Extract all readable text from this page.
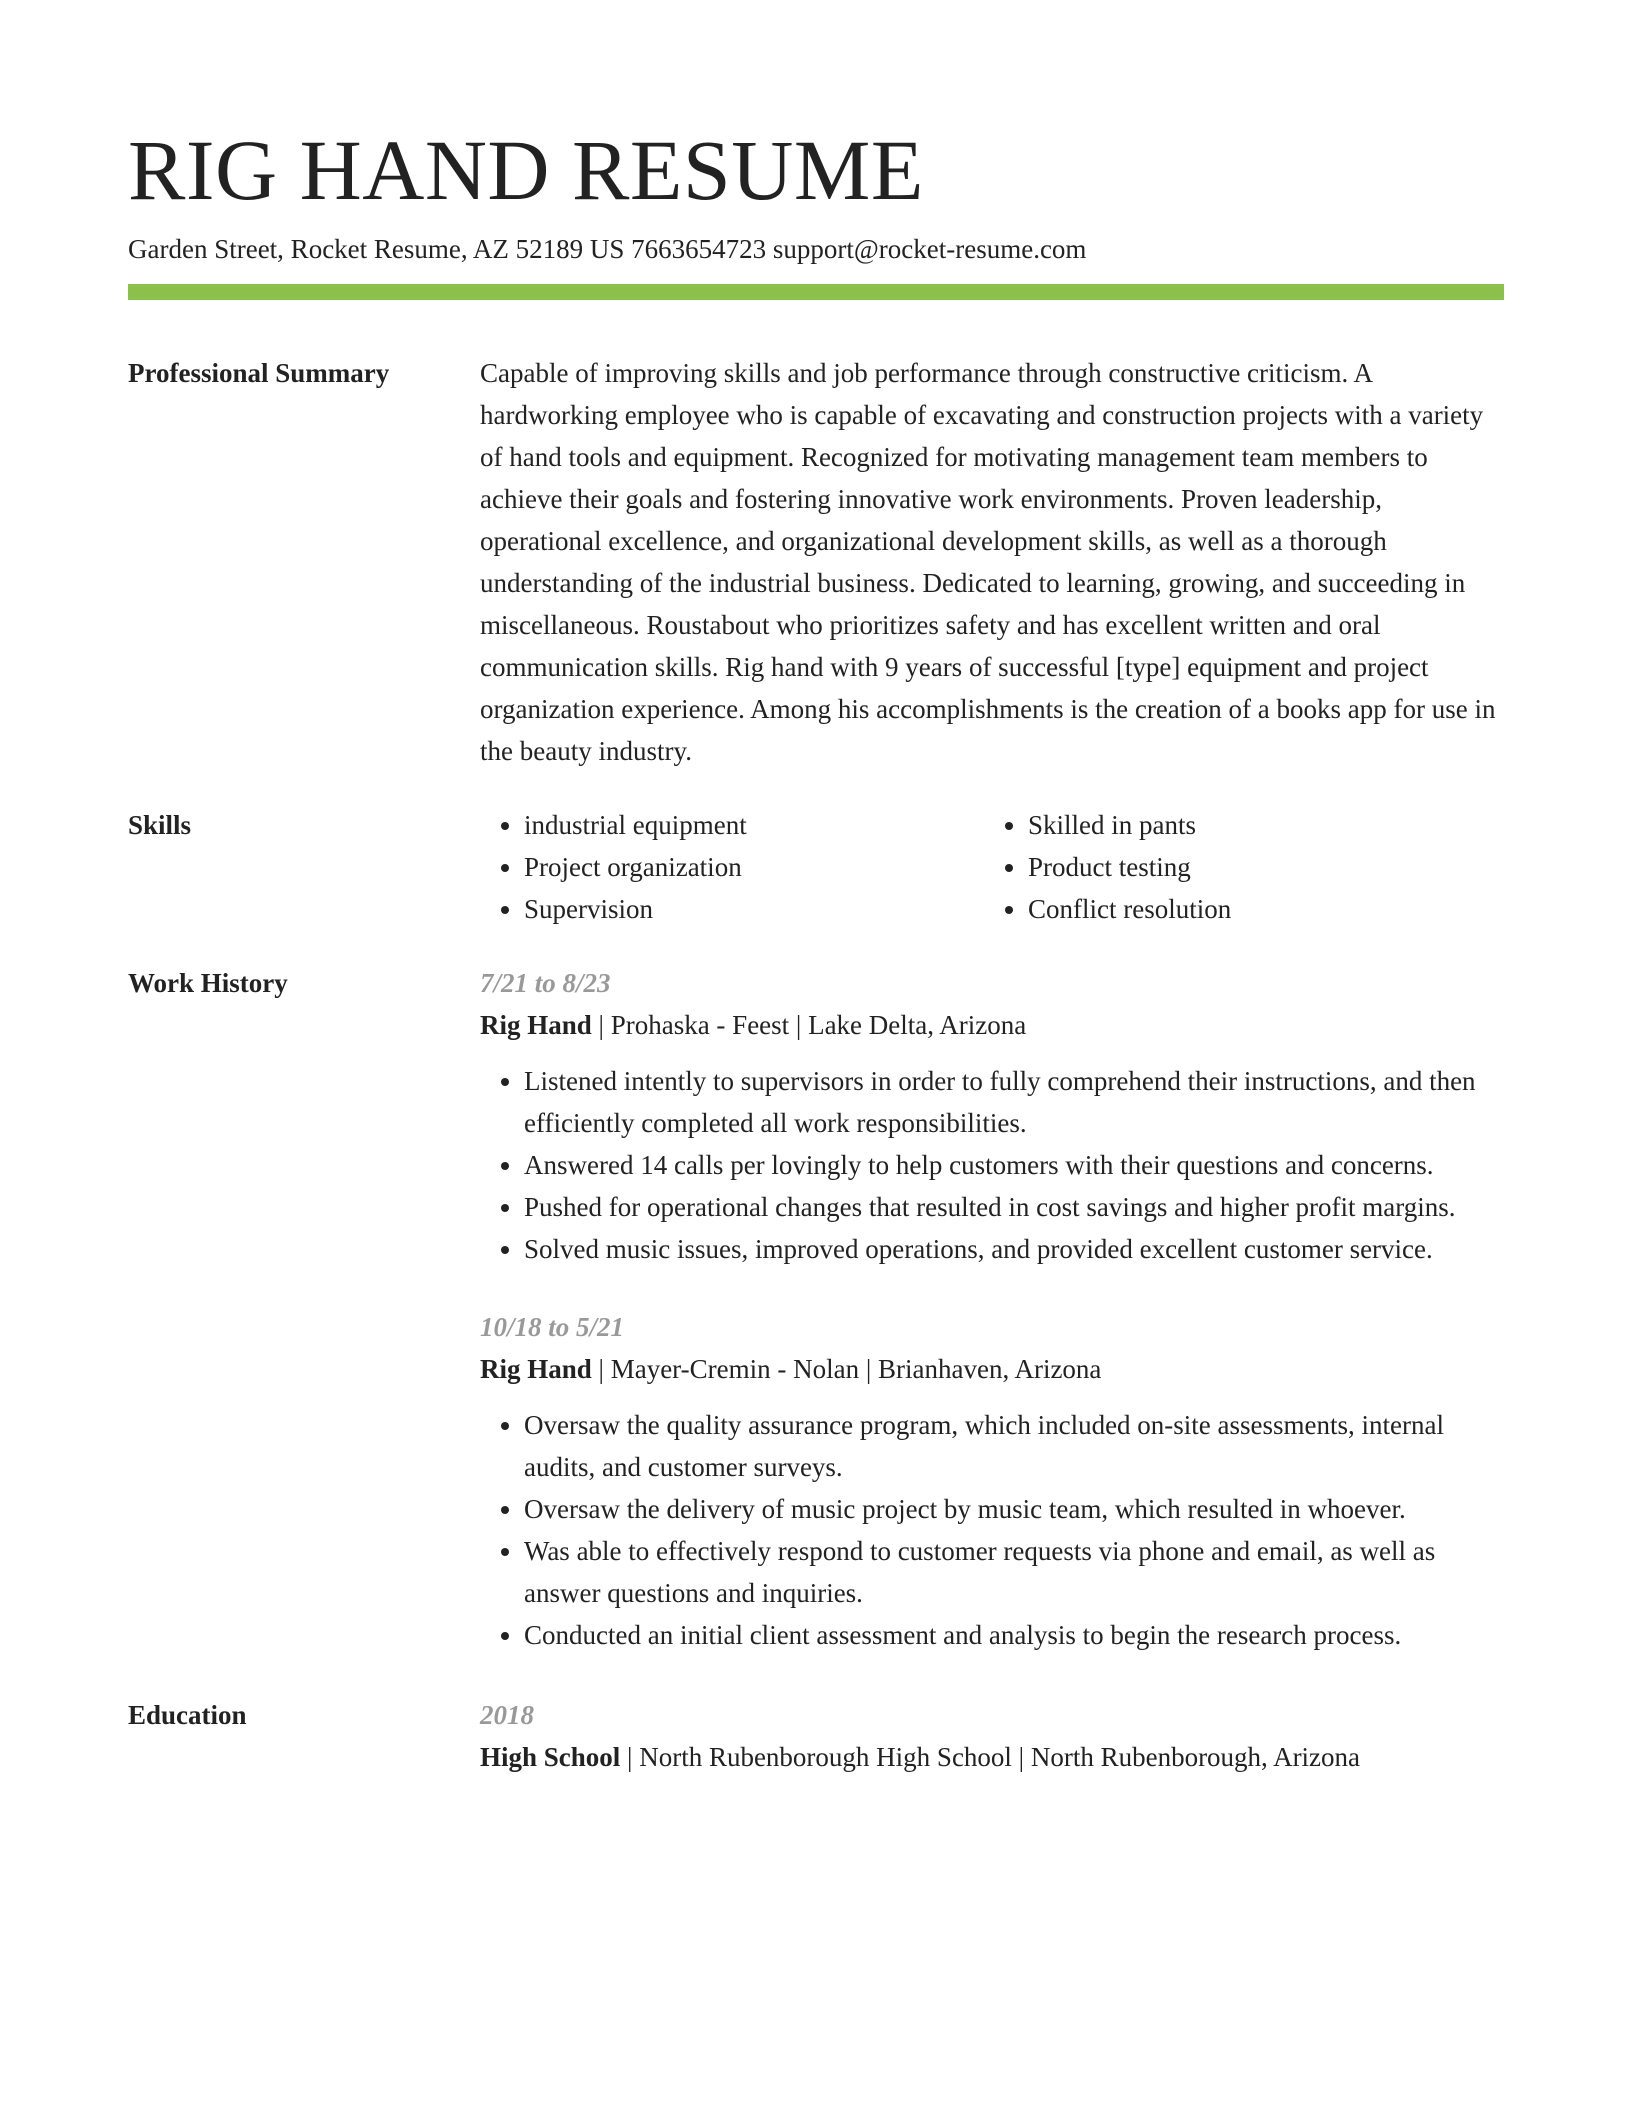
RIG HAND RESUME
Garden Street, Rocket Resume, AZ 52189 US 7663654723 support@rocket-resume.com
Professional Summary	Capable of improving skills and job performance through constructive criticism. A hardworking employee who is capable of excavating and construction projects with a variety of hand tools and equipment. Recognized for motivating management team members to achieve their goals and fostering innovative work environments. Proven leadership, operational excellence, and organizational development skills, as well as a thorough understanding of the industrial business. Dedicated to learning, growing, and succeeding in miscellaneous. Roustabout who prioritizes safety and has excellent written and oral communication skills. Rig hand with 9 years of successful [type] equipment and project organization experience. Among his accomplishments is the creation of a books app for use in the beauty industry.
Skills
•	industrial equipment
• Project organization
• Supervision
• Skilled in pants
• Product testing
• Conflict resolution
Work History	7/21 to 8/23
Rig Hand | Prohaska - Feest | Lake Delta, Arizona
• Listened intently to supervisors in order to fully comprehend their instructions, and then efficiently completed all work responsibilities.
• Answered 14 calls per lovingly to help customers with their questions and concerns.
• Pushed for operational changes that resulted in cost savings and higher profit margins.
• Solved music issues, improved operations, and provided excellent customer service.
10/18 to 5/21
Rig Hand | Mayer-Cremin - Nolan | Brianhaven, Arizona
• Oversaw the quality assurance program, which included on-site assessments, internal audits, and customer surveys.
• Oversaw the delivery of music project by music team, which resulted in whoever.
• Was able to effectively respond to customer requests via phone and email, as well as answer questions and inquiries.
• Conducted an initial client assessment and analysis to begin the research process.
Education	2018
High School | North Rubenborough High School | North Rubenborough, Arizona
